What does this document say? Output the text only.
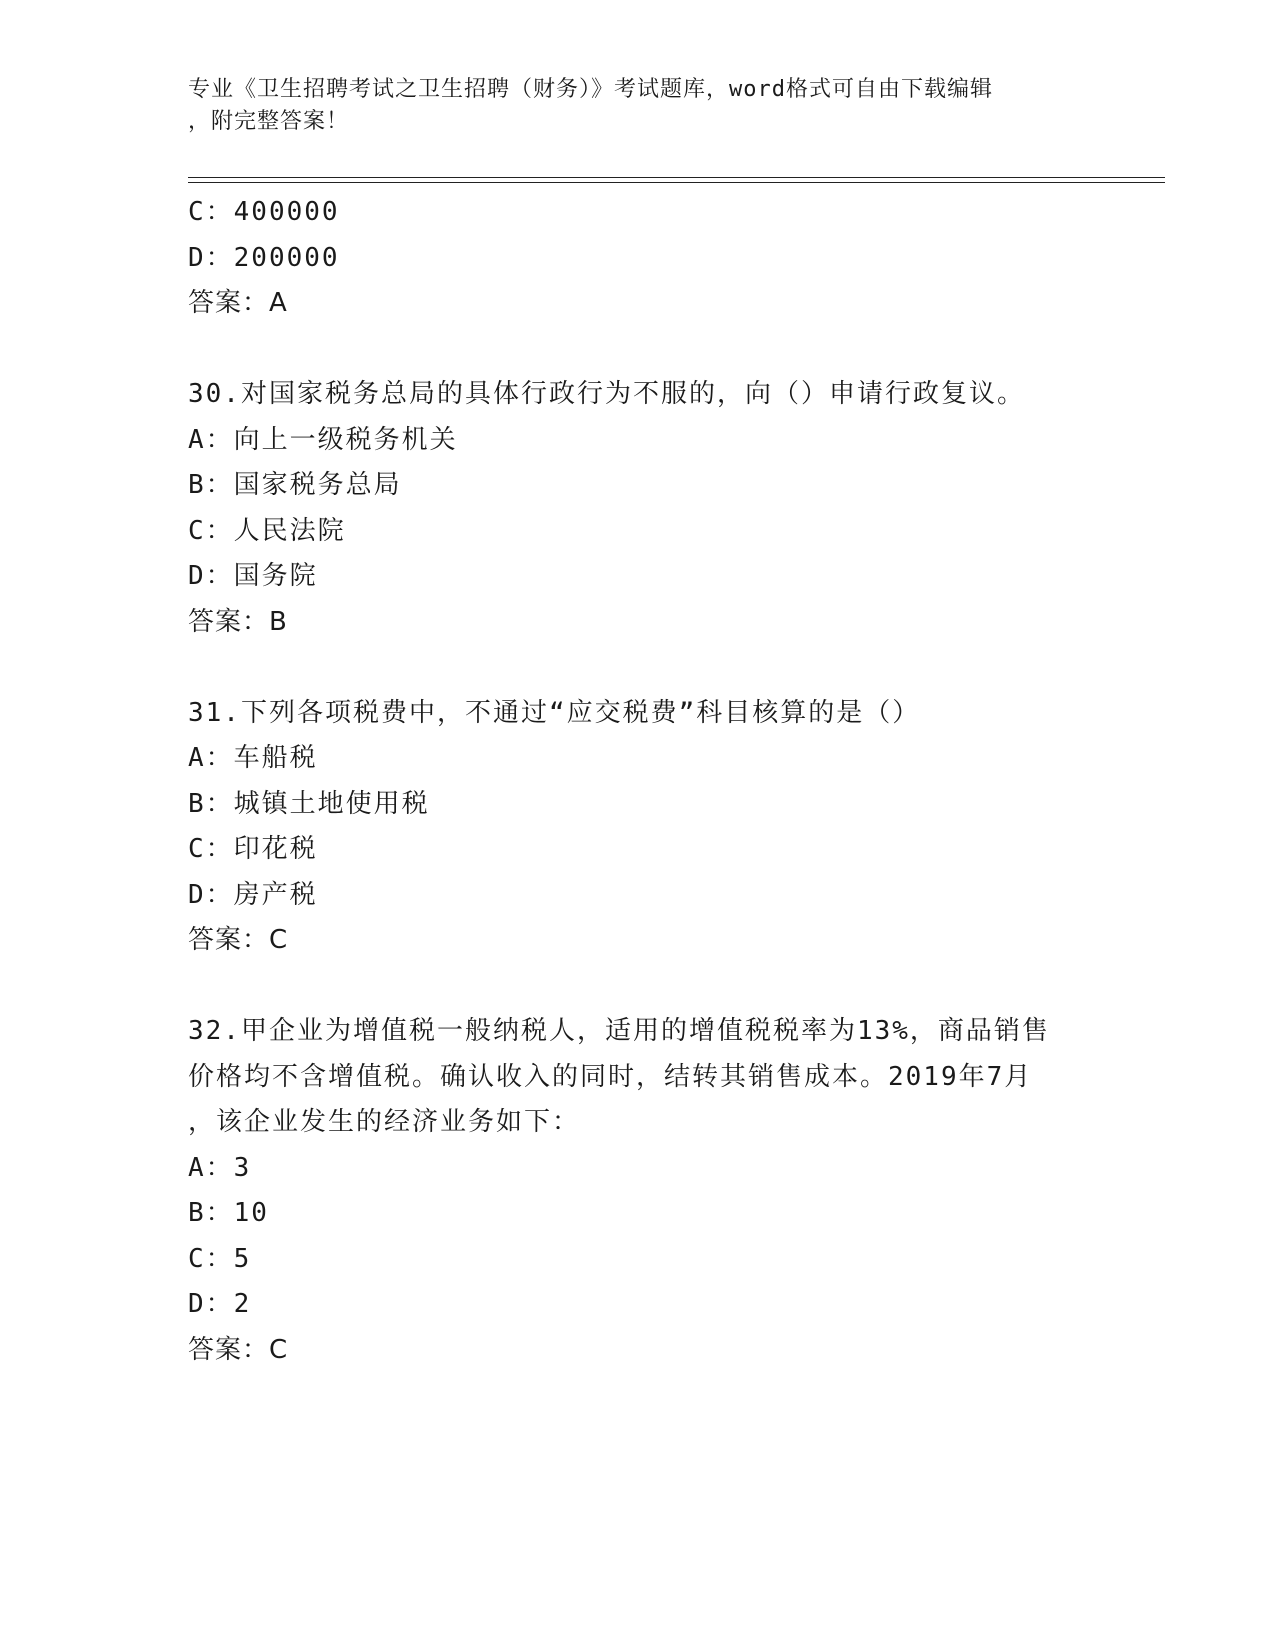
专业《卫生招聘考试之卫生招聘（财务）》考试题库，word格式可自由下载编辑
，附完整答案！
C：400000
D：200000
答案：A
30.对国家税务总局的具体行政行为不服的，向（）申请行政复议。
A：向上一级税务机关
B：国家税务总局
C：人民法院
D：国务院
答案：B
31.下列各项税费中，不通过“应交税费”科目核算的是（）
A：车船税
B：城镇土地使用税
C：印花税
D：房产税
答案：C
32.甲企业为增值税一般纳税人，适用的增值税税率为13%，商品销售
价格均不含增值税。确认收入的同时，结转其销售成本。2019年7月
，该企业发生的经济业务如下：
A：3
B：10
C：5
D：2
答案：C
